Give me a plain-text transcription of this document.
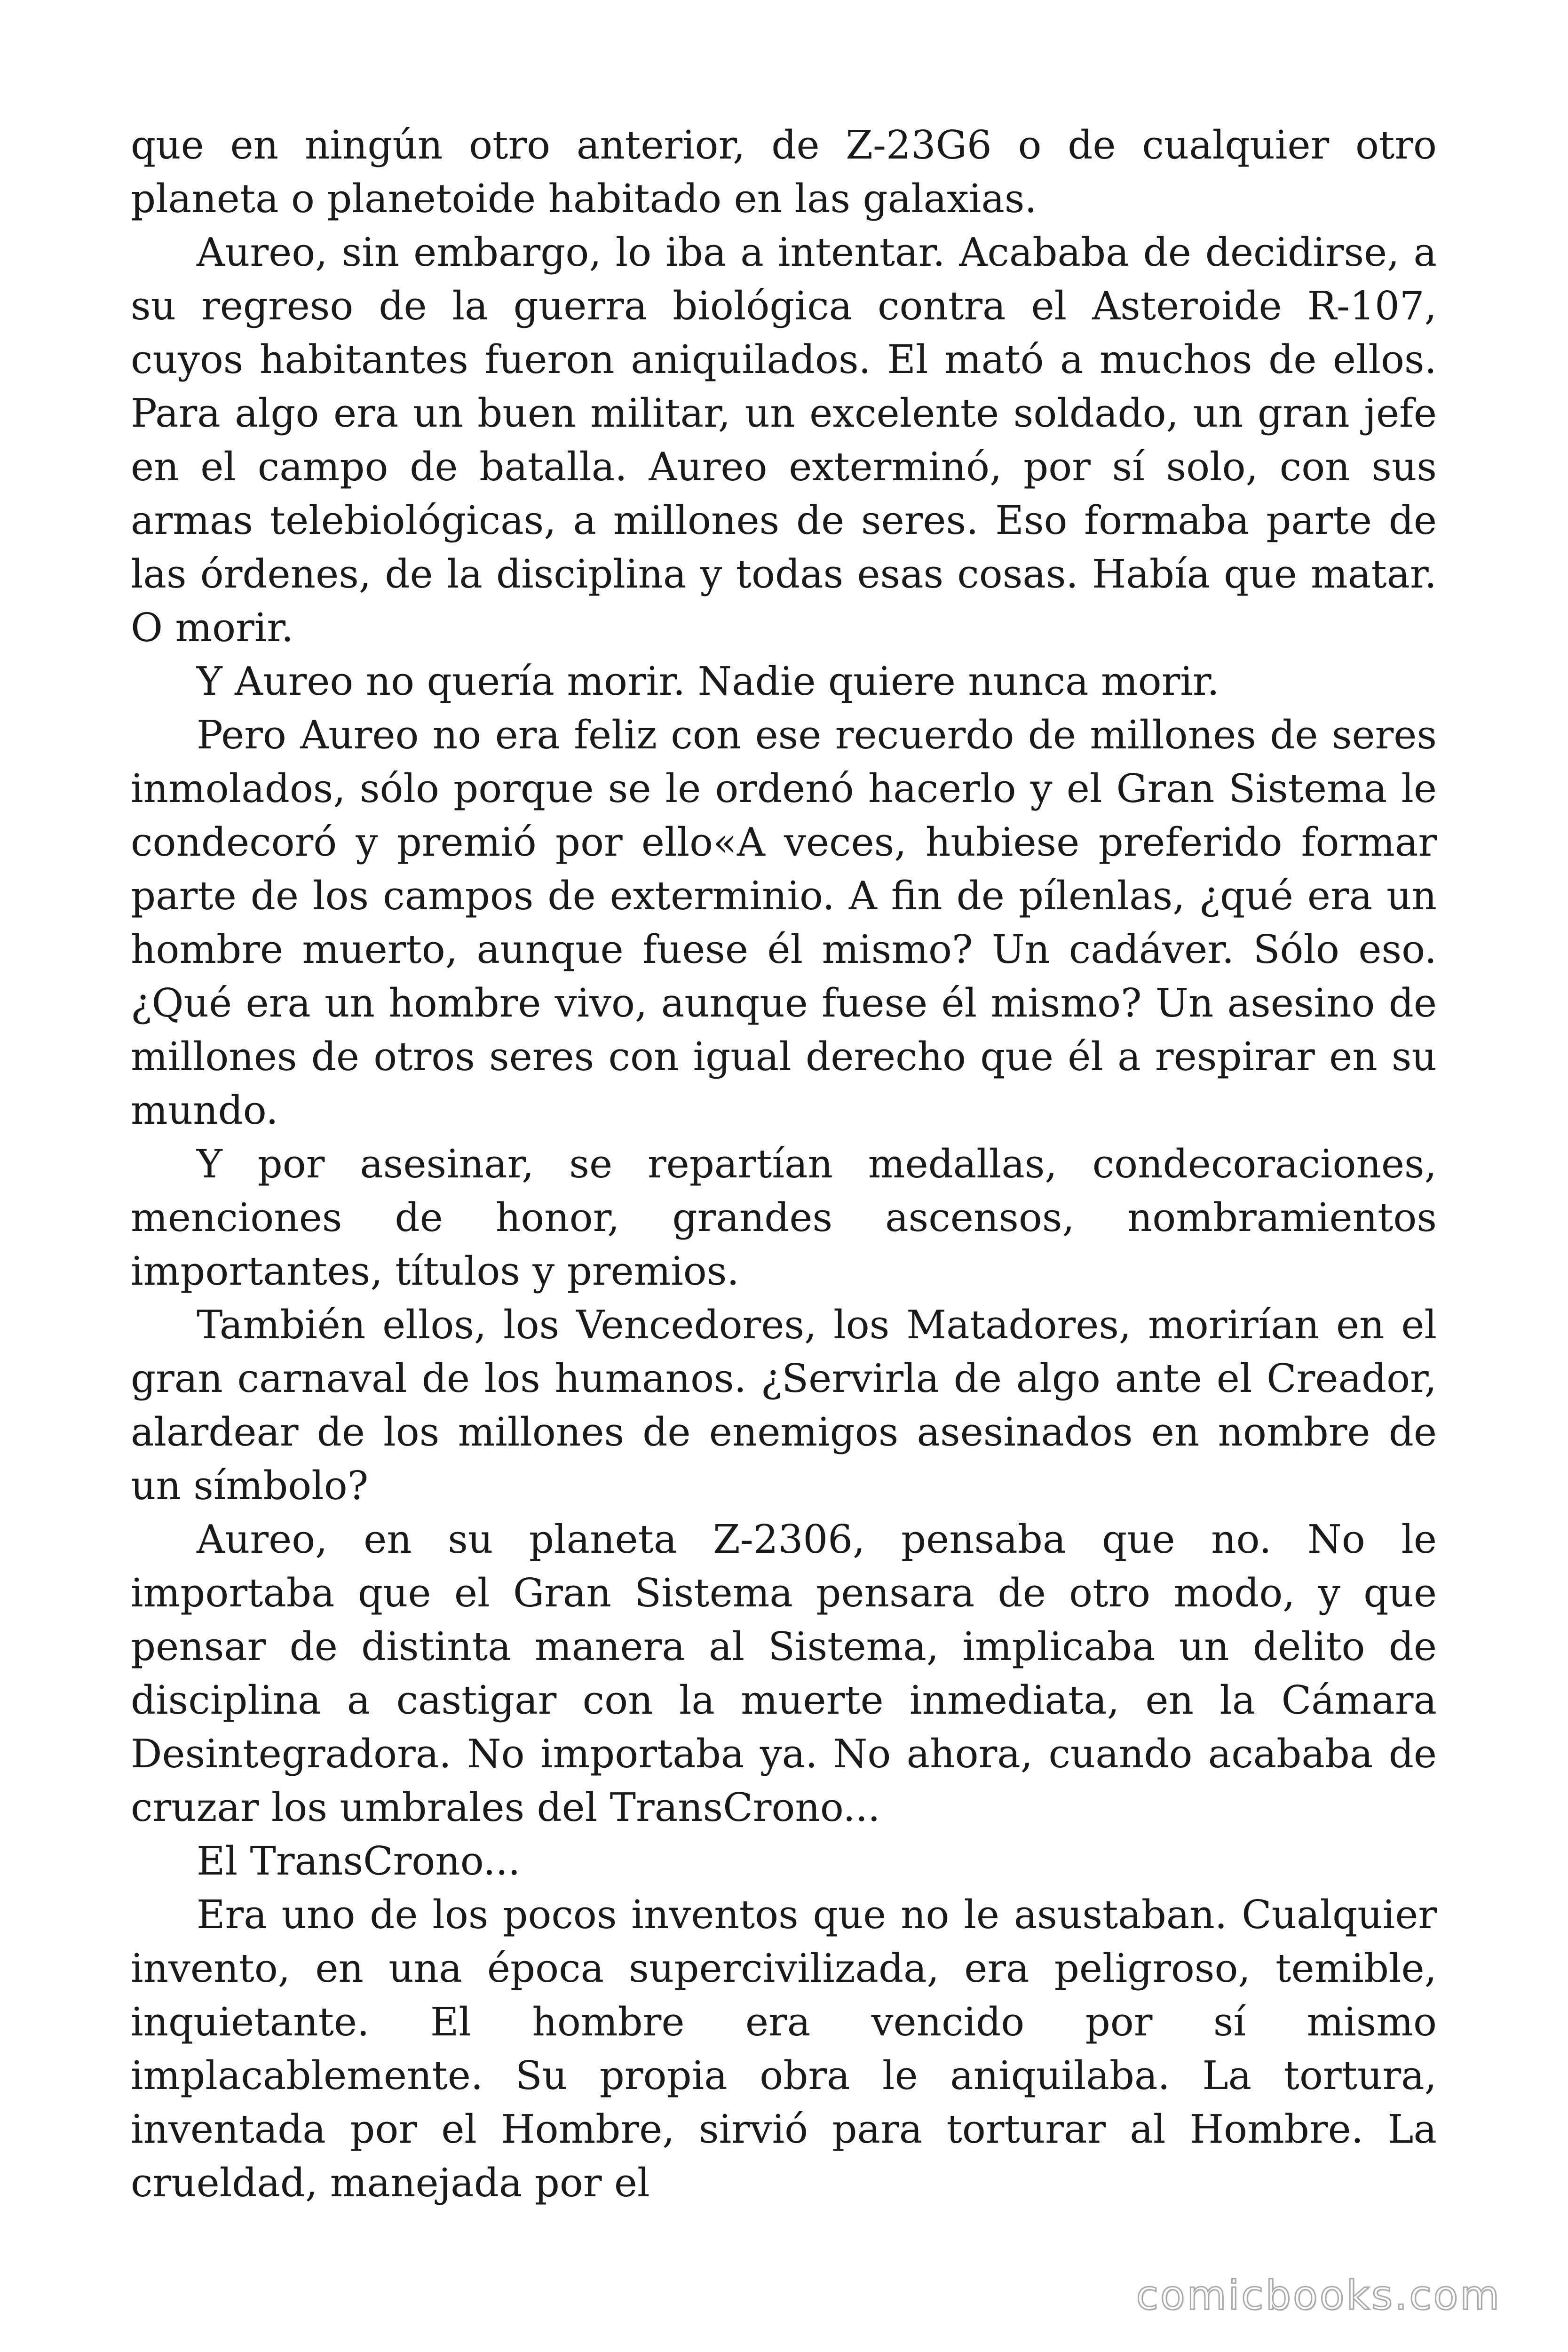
que en ningún otro anterior, de Z-23G6 o de cualquier otro planeta o planetoide habitado en las galaxias.

Aureo, sin embargo, lo iba a intentar. Acababa de decidirse, a su regreso de la guerra biológica contra el Asteroide R-107, cuyos habitantes fueron aniquilados. El mató a muchos de ellos. Para algo era un buen militar, un excelente soldado, un gran jefe en el campo de batalla. Aureo exterminó, por sí solo, con sus armas telebiológicas, a millones de seres. Eso formaba parte de las órdenes, de la disciplina y todas esas cosas. Había que matar. O morir.

Y Aureo no quería morir. Nadie quiere nunca morir.

Pero Aureo no era feliz con ese recuerdo de millones de seres inmolados, sólo porque se le ordenó hacerlo y el Gran Sistema le condecoró y premió por ello«A veces, hubiese preferido formar parte de los campos de exterminio. A fin de pílenlas, ¿qué era un hombre muerto, aunque fuese él mismo? Un cadáver. Sólo eso. ¿Qué era un hombre vivo, aunque fuese él mismo? Un asesino de millones de otros seres con igual derecho que él a respirar en su mundo.

Y por asesinar, se repartían medallas, condecoraciones, menciones de honor, grandes ascensos, nombramientos importantes, títulos y premios.

También ellos, los Vencedores, los Matadores, morirían en el gran carnaval de los humanos. ¿Servirla de algo ante el Creador, alardear de los millones de enemigos asesinados en nombre de un símbolo?

Aureo, en su planeta Z-2306, pensaba que no. No le importaba que el Gran Sistema pensara de otro modo, y que pensar de distinta manera al Sistema, implicaba un delito de disciplina a castigar con la muerte inmediata, en la Cámara Desintegradora. No importaba ya. No ahora, cuando acababa de cruzar los umbrales del TransCrono...

El TransCrono...

Era uno de los pocos inventos que no le asustaban. Cualquier invento, en una época supercivilizada, era peligroso, temible, inquietante. El hombre era vencido por sí mismo implacablemente. Su propia obra le aniquilaba. La tortura, inventada por el Hombre, sirvió para torturar al Hombre. La crueldad, manejada por el

comicbooks.com
